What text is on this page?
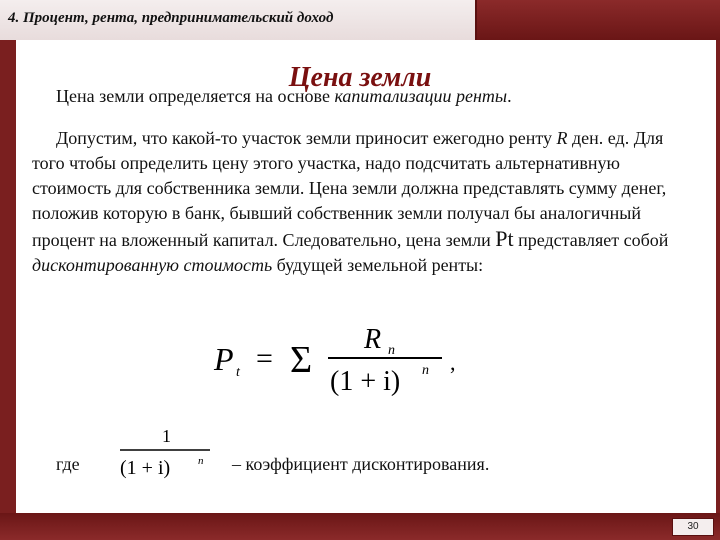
4. Процент, рента, предпринимательский доход
Цена земли
Цена земли определяется на основе капитализации ренты.
Допустим, что какой-то участок земли приносит ежегодно ренту R ден. ед. Для того чтобы определить цену этого участка, надо подсчитать альтернативную стоимость для собственника земли. Цена земли должна представлять сумму денег, положив которую в банк, бывший собственник земли получал бы аналогичный процент на вложенный капитал. Следовательно, цена земли Pt представляет собой дисконтированную стоимость будущей земельной ренты:
P t = Σ R n
(1 + i) n ,
где
1
(1 + i)	n – коэффициент дисконтирования.
30
